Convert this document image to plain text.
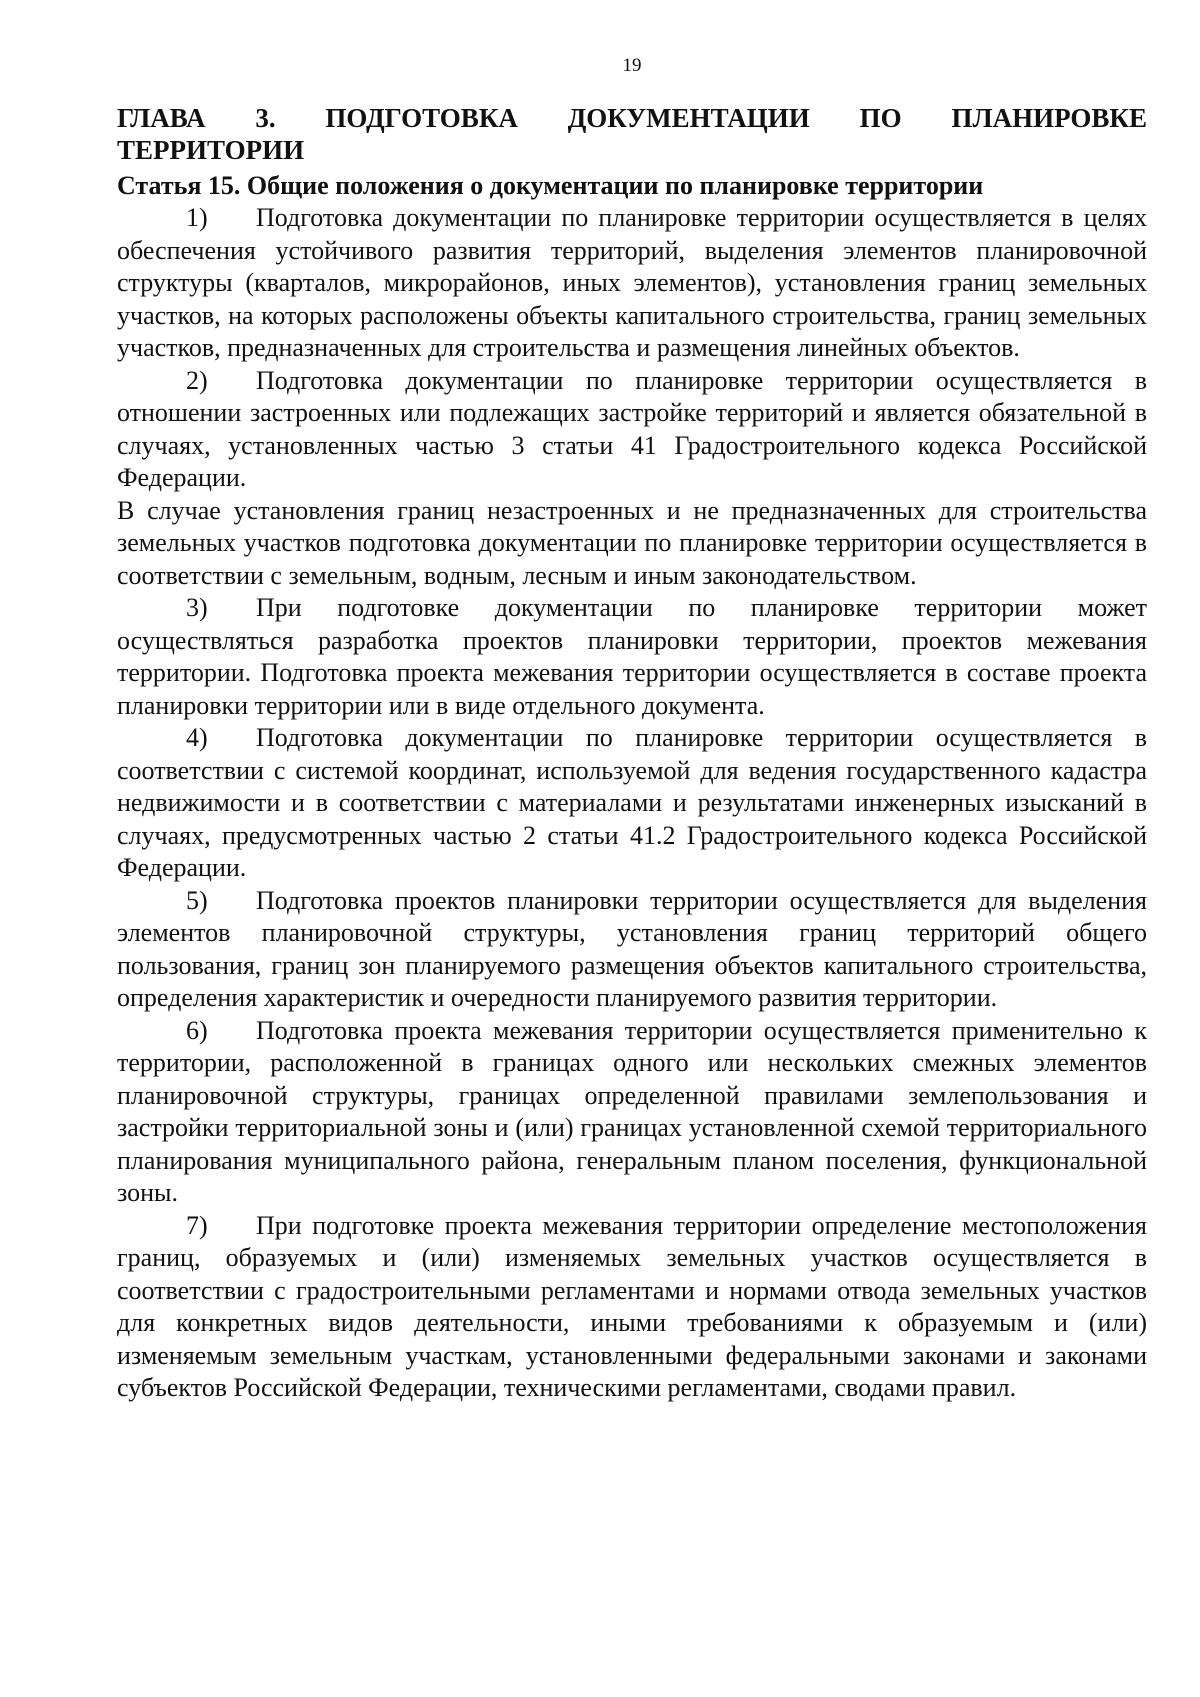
19
ГЛАВА 3. ПОДГОТОВКА ДОКУМЕНТАЦИИ ПО ПЛАНИРОВКЕ
ТЕРРИТОРИИ
Статья 15. Общие положения о документации по планировке территории

1) Подготовка документации по планировке территории осуществляется в целях обеспечения устойчивого развития территорий, выделения элементов планировочной структуры (кварталов, микрорайонов, иных элементов), установления границ земельных участков, на которых расположены объекты капитального строительства, границ земельных участков, предназначенных для строительства и размещения линейных объектов.

2) Подготовка документации по планировке территории осуществляется в отношении застроенных или подлежащих застройке территорий и является обязательной в случаях, установленных частью 3 статьи 41 Градостроительного кодекса Российской Федерации.

В случае установления границ незастроенных и не предназначенных для строительства земельных участков подготовка документации по планировке территории осуществляется в соответствии с земельным, водным, лесным и иным законодательством.

3) При подготовке документации по планировке территории может осуществляться разработка проектов планировки территории, проектов межевания территории. Подготовка проекта межевания территории осуществляется в составе проекта планировки территории или в виде отдельного документа.

4) Подготовка документации по планировке территории осуществляется в соответствии с системой координат, используемой для ведения государственного кадастра недвижимости и в соответствии с материалами и результатами инженерных изысканий в случаях, предусмотренных частью 2 статьи 41.2 Градостроительного кодекса Российской Федерации.

5) Подготовка проектов планировки территории осуществляется для выделения элементов планировочной структуры, установления границ территорий общего пользования, границ зон планируемого размещения объектов капитального строительства, определения характеристик и очередности планируемого развития территории.

6) Подготовка проекта межевания территории осуществляется применительно к территории, расположенной в границах одного или нескольких смежных элементов планировочной структуры, границах определенной правилами землепользования и застройки территориальной зоны и (или) границах установленной схемой территориального планирования муниципального района, генеральным планом поселения, функциональной зоны.

7) При подготовке проекта межевания территории определение местоположения границ, образуемых и (или) изменяемых земельных участков осуществляется в соответствии с градостроительными регламентами и нормами отвода земельных участков для конкретных видов деятельности, иными требованиями к образуемым и (или) изменяемым земельным участкам, установленными федеральными законами и законами субъектов Российской Федерации, техническими регламентами, сводами правил.
